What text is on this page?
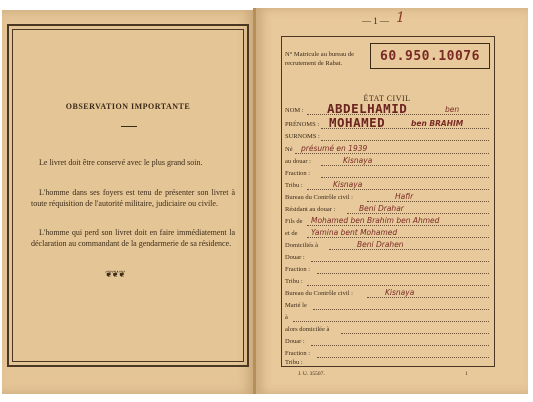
OBSERVATION IMPORTANTE
Le livret doit être conservé avec le plus grand soin.
L'homme dans ses foyers est tenu de présenter son livret à toute réquisition de l'autorité militaire, judiciaire ou civile.
L'homme qui perd son livret doit en faire immédiatement la déclaration au commandant de la gendarmerie de sa résidence.
❦❦❦
— 1 — 1
N° Matricule au bureau de recrutement de Rabat.	60.950.10076
ÉTAT CIVIL
NOM : ABDELHAMID	ben
PRÉNOMS : MOHAMED	ben BRAHIM
SURNOMS :
Né présumé en 1939
au douar :	Kisnaya
Fraction :
Tribu :	Kisnaya
Bureau du Contrôle civil :	Hafir
Résidant au douar :	Beni Drahar
Fils de Mohamed ben Brahim ben Ahmed
et de Yamina bent Mohamed
Domiciliés à	Beni Drahen
Douar :
Fraction :
Tribu :
Bureau du Contrôle civil :	Kisnaya
Marié le
à
alors domicilée à
Douar :
Fraction :
Tribu :
J. U. 35507.	1
